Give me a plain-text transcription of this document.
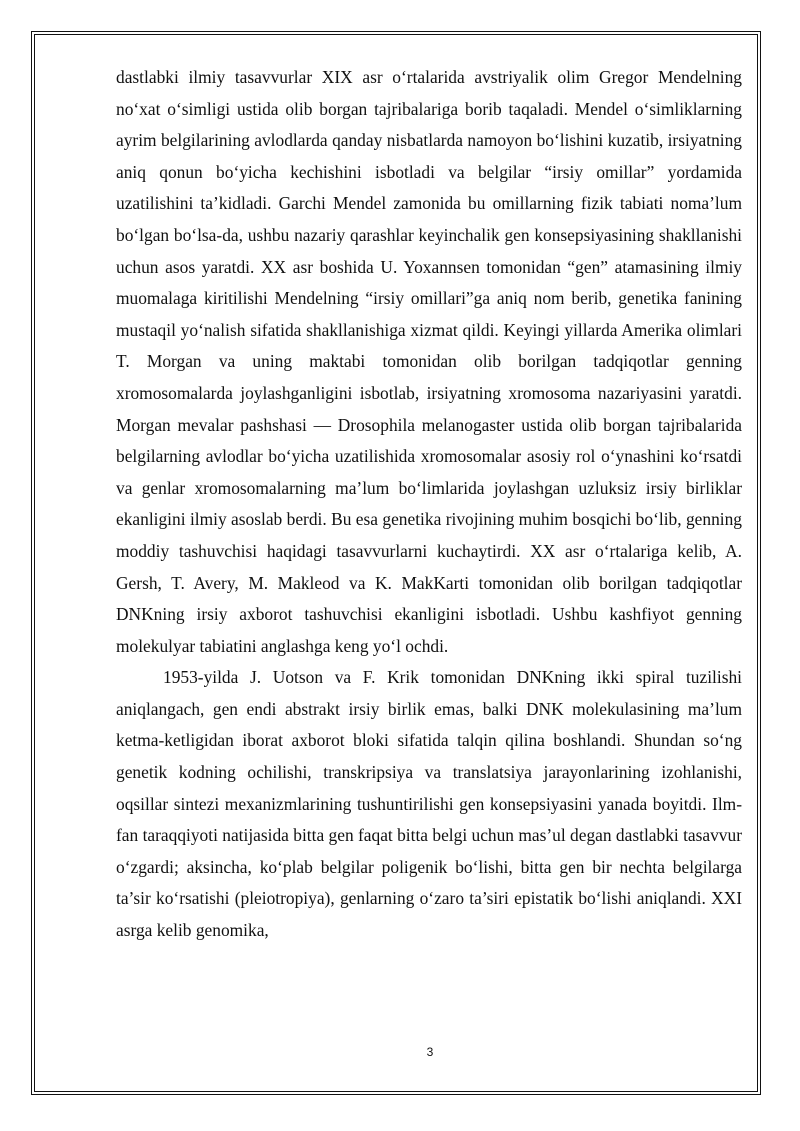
dastlabki ilmiy tasavvurlar XIX asr o‘rtalarida avstriyalik olim Gregor Mendelning no‘xat o‘simligi ustida olib borgan tajribalariga borib taqaladi. Mendel o‘simliklarning ayrim belgilarining avlodlarda qanday nisbatlarda namoyon bo‘lishini kuzatib, irsiyatning aniq qonun bo‘yicha kechishini isbotladi va belgilar “irsiy omillar” yordamida uzatilishini ta’kidladi. Garchi Mendel zamonida bu omillarning fizik tabiati noma’lum bo‘lgan bo‘lsa-da, ushbu nazariy qarashlar keyinchalik gen konsepsiyasining shakllanishi uchun asos yaratdi. XX asr boshida U. Yoxannsen tomonidan “gen” atamasining ilmiy muomalaga kiritilishi Mendelning “irsiy omillari”ga aniq nom berib, genetika fanining mustaqil yo‘nalish sifatida shakllanishiga xizmat qildi. Keyingi yillarda Amerika olimlari T. Morgan va uning maktabi tomonidan olib borilgan tadqiqotlar genning xromosomalarda joylashganligini isbotlab, irsiyatning xromosoma nazariyasini yaratdi. Morgan mevalar pashshasi — Drosophila melanogaster ustida olib borgan tajribalarida belgilarning avlodlar bo‘yicha uzatilishida xromosomalar asosiy rol o‘ynashini ko‘rsatdi va genlar xromosomalarning ma’lum bo‘limlarida joylashgan uzluksiz irsiy birliklar ekanligini ilmiy asoslab berdi. Bu esa genetika rivojining muhim bosqichi bo‘lib, genning moddiy tashuvchisi haqidagi tasavvurlarni kuchaytirdi. XX asr o‘rtalariga kelib, A. Gersh, T. Avery, M. Makleod va K. MakKarti tomonidan olib borilgan tadqiqotlar DNKning irsiy axborot tashuvchisi ekanligini isbotladi. Ushbu kashfiyot genning molekulyar tabiatini anglashga keng yo‘l ochdi.

1953-yilda J. Uotson va F. Krik tomonidan DNKning ikki spiral tuzilishi aniqlangach, gen endi abstrakt irsiy birlik emas, balki DNK molekulasining ma’lum ketma-ketligidan iborat axborot bloki sifatida talqin qilina boshlandi. Shundan so‘ng genetik kodning ochilishi, transkripsiya va translatsiya jarayonlarining izohlanishi, oqsillar sintezi mexanizmlarining tushuntirilishi gen konsepsiyasini yanada boyitdi. Ilm-fan taraqqiyoti natijasida bitta gen faqat bitta belgi uchun mas’ul degan dastlabki tasavvur o‘zgardi; aksincha, ko‘plab belgilar poligenik bo‘lishi, bitta gen bir nechta belgilarga ta’sir ko‘rsatishi (pleiotropiya), genlarning o‘zaro ta’siri epistatik bo‘lishi aniqlandi. XXI asrga kelib genomika,

3
